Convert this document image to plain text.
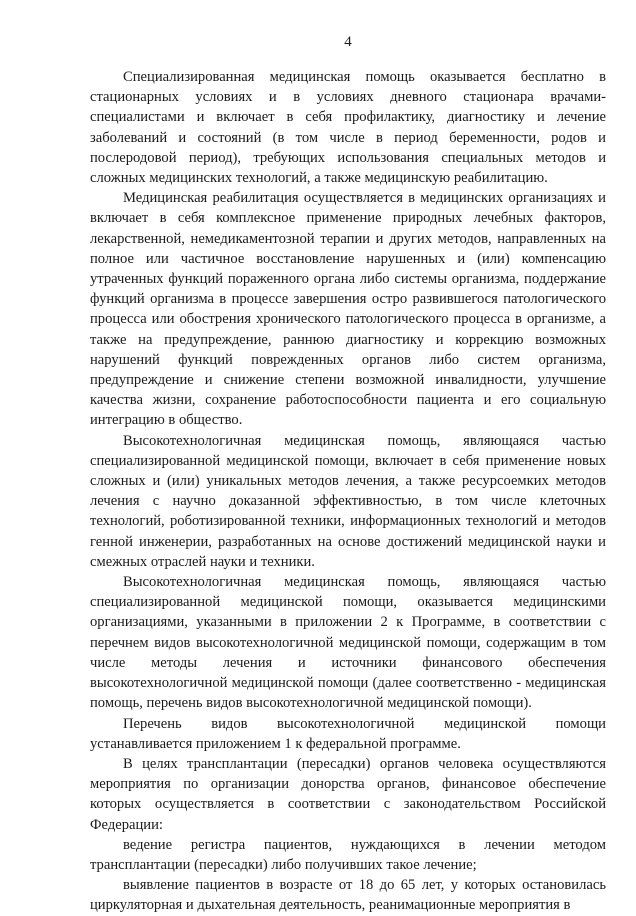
4

Специализированная медицинская помощь оказывается бесплатно в стационарных условиях и в условиях дневного стационара врачами-специалистами и включает в себя профилактику, диагностику и лечение заболеваний и состояний (в том числе в период беременности, родов и послеродовой период), требующих использования специальных методов и сложных медицинских технологий, а также медицинскую реабилитацию.

Медицинская реабилитация осуществляется в медицинских организациях и включает в себя комплексное применение природных лечебных факторов, лекарственной, немедикаментозной терапии и других методов, направленных на полное или частичное восстановление нарушенных и (или) компенсацию утраченных функций пораженного органа либо системы организма, поддержание функций организма в процессе завершения остро развившегося патологического процесса или обострения хронического патологического процесса в организме, а также на предупреждение, раннюю диагностику и коррекцию возможных нарушений функций поврежденных органов либо систем организма, предупреждение и снижение степени возможной инвалидности, улучшение качества жизни, сохранение работоспособности пациента и его социальную интеграцию в общество.

Высокотехнологичная медицинская помощь, являющаяся частью специализированной медицинской помощи, включает в себя применение новых сложных и (или) уникальных методов лечения, а также ресурсоемких методов лечения с научно доказанной эффективностью, в том числе клеточных технологий, роботизированной техники, информационных технологий и методов генной инженерии, разработанных на основе достижений медицинской науки и смежных отраслей науки и техники.

Высокотехнологичная медицинская помощь, являющаяся частью специализированной медицинской помощи, оказывается медицинскими организациями, указанными в приложении 2 к Программе, в соответствии с перечнем видов высокотехнологичной медицинской помощи, содержащим в том числе методы лечения и источники финансового обеспечения высокотехнологичной медицинской помощи (далее соответственно - медицинская помощь, перечень видов высокотехнологичной медицинской помощи).

Перечень видов высокотехнологичной медицинской помощи устанавливается приложением 1 к федеральной программе.

В целях трансплантации (пересадки) органов человека осуществляются мероприятия по организации донорства органов, финансовое обеспечение которых осуществляется в соответствии с законодательством Российской Федерации:

ведение регистра пациентов, нуждающихся в лечении методом трансплантации (пересадки) либо получивших такое лечение;

выявление пациентов в возрасте от 18 до 65 лет, у которых остановилась циркуляторная и дыхательная деятельность, реанимационные мероприятия в
